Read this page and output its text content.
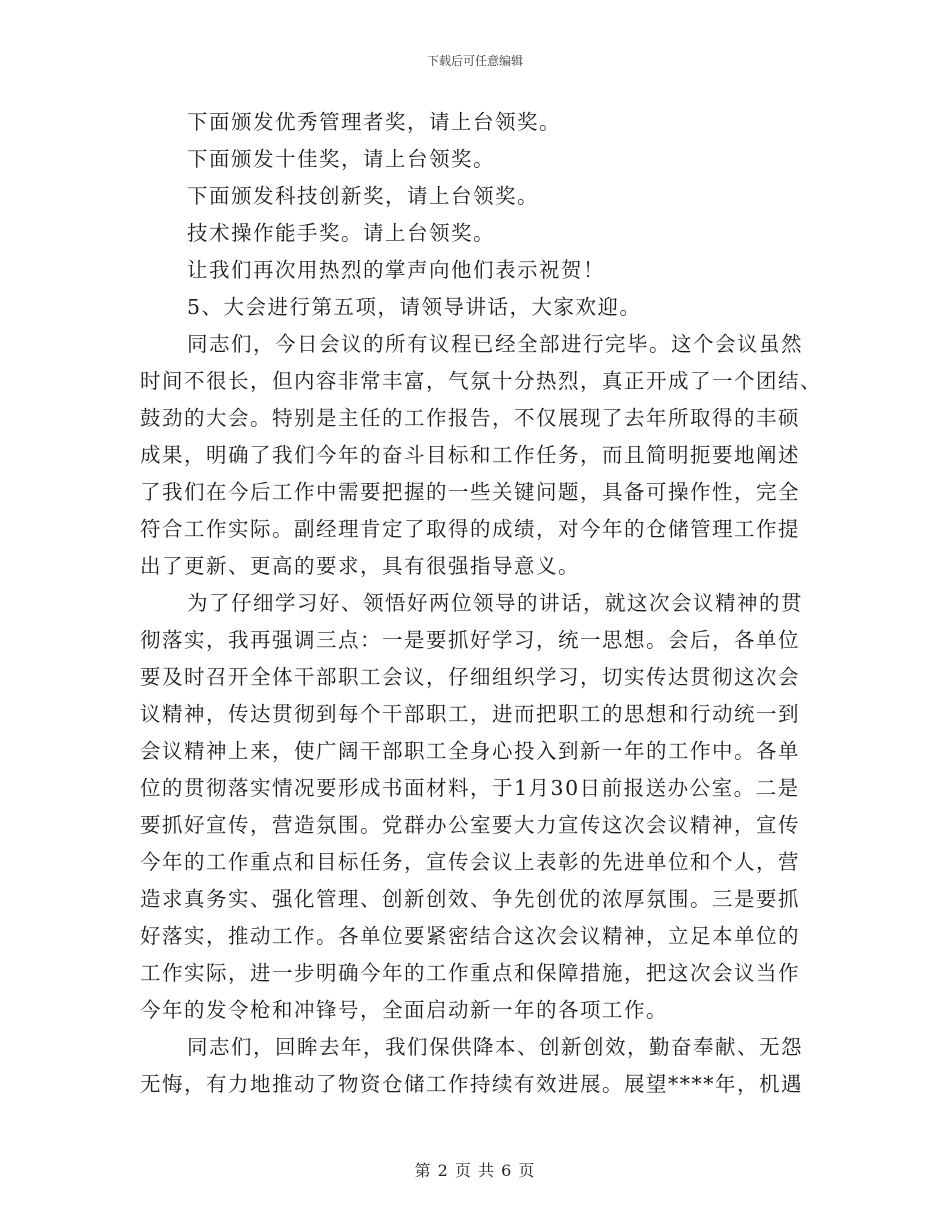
下载后可任意编辑
下面颁发优秀管理者奖，请上台领奖。
下面颁发十佳奖，请上台领奖。
下面颁发科技创新奖，请上台领奖。
技术操作能手奖。请上台领奖。
让我们再次用热烈的掌声向他们表示祝贺！
5、大会进行第五项，请领导讲话，大家欢迎。
同志们，今日会议的所有议程已经全部进行完毕。这个会议虽然
时间不很长，但内容非常丰富，气氛十分热烈，真正开成了一个团结、
鼓劲的大会。特别是主任的工作报告，不仅展现了去年所取得的丰硕
成果，明确了我们今年的奋斗目标和工作任务，而且简明扼要地阐述
了我们在今后工作中需要把握的一些关键问题，具备可操作性，完全
符合工作实际。副经理肯定了取得的成绩，对今年的仓储管理工作提
出了更新、更高的要求，具有很强指导意义。
为了仔细学习好、领悟好两位领导的讲话，就这次会议精神的贯
彻落实，我再强调三点：一是要抓好学习，统一思想。会后，各单位
要及时召开全体干部职工会议，仔细组织学习，切实传达贯彻这次会
议精神，传达贯彻到每个干部职工，进而把职工的思想和行动统一到
会议精神上来，使广阔干部职工全身心投入到新一年的工作中。各单
位的贯彻落实情况要形成书面材料，于1月30日前报送办公室。二是
要抓好宣传，营造氛围。党群办公室要大力宣传这次会议精神，宣传
今年的工作重点和目标任务，宣传会议上表彰的先进单位和个人，营
造求真务实、强化管理、创新创效、争先创优的浓厚氛围。三是要抓
好落实，推动工作。各单位要紧密结合这次会议精神，立足本单位的
工作实际，进一步明确今年的工作重点和保障措施，把这次会议当作
今年的发令枪和冲锋号，全面启动新一年的各项工作。
同志们，回眸去年，我们保供降本、创新创效，勤奋奉献、无怨
无悔，有力地推动了物资仓储工作持续有效进展。展望****年，机遇
第 2 页 共 6 页
